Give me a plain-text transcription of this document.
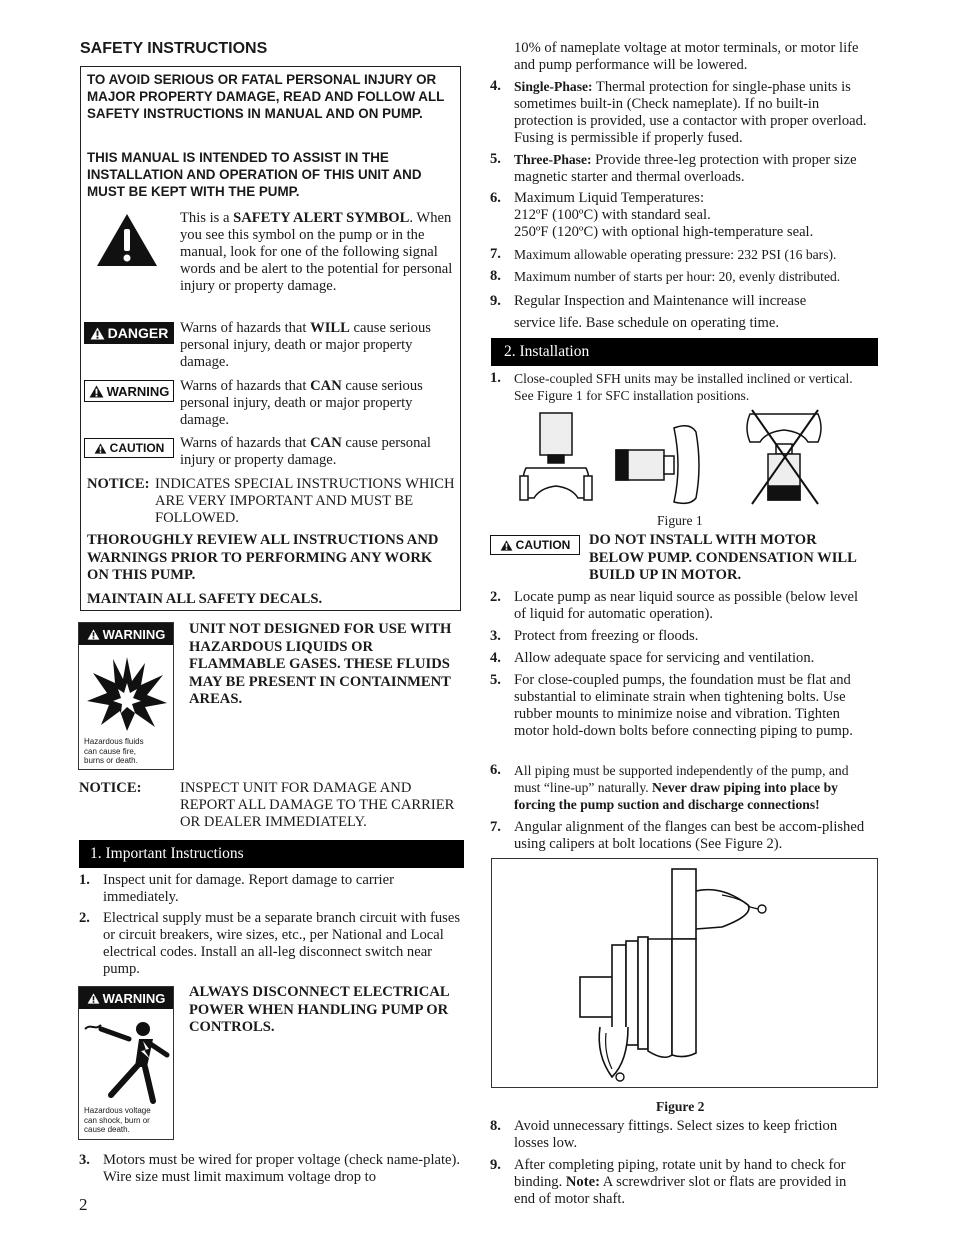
SAFETY INSTRUCTIONS
TO AVOID SERIOUS OR FATAL PERSONAL INJURY OR MAJOR PROPERTY DAMAGE, READ AND FOLLOW ALL SAFETY INSTRUCTIONS IN MANUAL AND ON PUMP.
THIS MANUAL IS INTENDED TO ASSIST IN THE INSTALLATION AND OPERATION OF THIS UNIT AND MUST BE KEPT WITH THE PUMP.
This is a SAFETY ALERT SYMBOL. When you see this symbol on the pump or in the manual, look for one of the following signal words and be alert to the potential for personal injury or property damage.
DANGER Warns of hazards that WILL cause serious personal injury, death or major property damage.
WARNING Warns of hazards that CAN cause serious personal injury, death or major property damage.
CAUTION Warns of hazards that CAN cause personal injury or property damage.
NOTICE: INDICATES SPECIAL INSTRUCTIONS WHICH ARE VERY IMPORTANT AND MUST BE FOLLOWED.
THOROUGHLY REVIEW ALL INSTRUCTIONS AND WARNINGS PRIOR TO PERFORMING ANY WORK ON THIS PUMP.
MAINTAIN ALL SAFETY DECALS.
WARNING
Hazardous fluids can cause fire, burns or death.
UNIT NOT DESIGNED FOR USE WITH HAZARDOUS LIQUIDS OR FLAMMABLE GASES. THESE FLUIDS MAY BE PRESENT IN CONTAINMENT AREAS.
NOTICE:	INSPECT UNIT FOR DAMAGE AND REPORT ALL DAMAGE TO THE CARRIER OR DEALER IMMEDIATELY.
1. Important Instructions
1. Inspect unit for damage. Report damage to carrier immediately.
2. Electrical supply must be a separate branch circuit with fuses or circuit breakers, wire sizes, etc., per National and Local electrical codes. Install an all-leg disconnect switch near pump.
WARNING
Hazardous voltage can shock, burn or cause death.
ALWAYS DISCONNECT ELECTRICAL POWER WHEN HANDLING PUMP OR CONTROLS.
3. Motors must be wired for proper voltage (check name-plate). Wire size must limit maximum voltage drop to
2
10% of nameplate voltage at motor terminals, or motor life and pump performance will be lowered.
4. Single-Phase: Thermal protection for single-phase units is sometimes built-in (Check nameplate). If no built-in protection is provided, use a contactor with proper overload. Fusing is permissible if properly fused.
5. Three-Phase: Provide three-leg protection with proper size magnetic starter and thermal overloads.
6. Maximum Liquid Temperatures:
212ºF (100ºC) with standard seal.
250ºF (120ºC) with optional high-temperature seal.
7. Maximum allowable operating pressure: 232 PSI (16 bars).
8. Maximum number of starts per hour: 20, evenly distributed.
9. Regular Inspection and Maintenance will increase service life. Base schedule on operating time.
2. Installation
1. Close-coupled SFH units may be installed inclined or vertical. See Figure 1 for SFC installation positions.
Figure 1
CAUTION DO NOT INSTALL WITH MOTOR BELOW PUMP. CONDENSATION WILL BUILD UP IN MOTOR.
2. Locate pump as near liquid source as possible (below level of liquid for automatic operation).
3. Protect from freezing or floods.
4. Allow adequate space for servicing and ventilation.
5. For close-coupled pumps, the foundation must be flat and substantial to eliminate strain when tightening bolts. Use rubber mounts to minimize noise and vibration. Tighten motor hold-down bolts before connecting piping to pump.
6. All piping must be supported independently of the pump, and must “line-up” naturally. Never draw piping into place by forcing the pump suction and discharge connections!
7. Angular alignment of the flanges can best be accom-plished using calipers at bolt locations (See Figure 2).
Figure 2
8. Avoid unnecessary fittings. Select sizes to keep friction losses low.
9. After completing piping, rotate unit by hand to check for binding. Note: A screwdriver slot or flats are provided in end of motor shaft.
